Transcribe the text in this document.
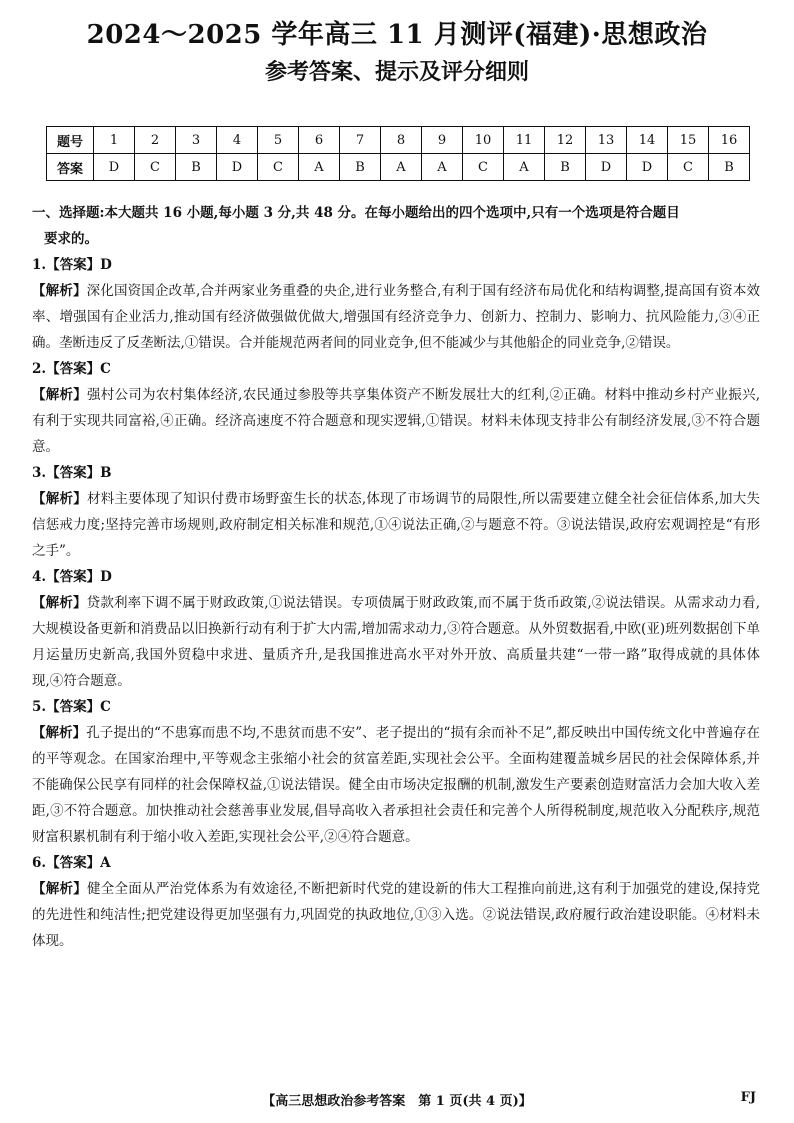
2024～2025 学年高三 11 月测评(福建)·思想政治
参考答案、提示及评分细则
题号	1	2	3	4	5	6	7	8	9	10	11	12	13	14	15	16
答案	D	C	B	D	C	A	B	A	A	C	A	B	D	D	C	B

一、选择题:本大题共 16 小题,每小题 3 分,共 48 分。在每小题给出的四个选项中,只有一个选项是符合题目

要求的。

1.【答案】D

【解析】深化国资国企改革,合并两家业务重叠的央企,进行业务整合,有利于国有经济布局优化和结构调整,提高国有资本效率、增强国有企业活力,推动国有经济做强做优做大,增强国有经济竞争力、创新力、控制力、影响力、抗风险能力,③④正确。垄断违反了反垄断法,①错误。合并能规范两者间的同业竞争,但不能减少与其他船企的同业竞争,②错误。

2.【答案】C

【解析】强村公司为农村集体经济,农民通过参股等共享集体资产不断发展壮大的红利,②正确。材料中推动乡村产业振兴,有利于实现共同富裕,④正确。经济高速度不符合题意和现实逻辑,①错误。材料未体现支持非公有制经济发展,③不符合题意。

3.【答案】B

【解析】材料主要体现了知识付费市场野蛮生长的状态,体现了市场调节的局限性,所以需要建立健全社会征信体系,加大失信惩戒力度;坚持完善市场规则,政府制定相关标准和规范,①④说法正确,②与题意不符。③说法错误,政府宏观调控是“有形之手”。

4.【答案】D

【解析】贷款利率下调不属于财政政策,①说法错误。专项债属于财政政策,而不属于货币政策,②说法错误。从需求动力看,大规模设备更新和消费品以旧换新行动有利于扩大内需,增加需求动力,③符合题意。从外贸数据看,中欧(亚)班列数据创下单月运量历史新高,我国外贸稳中求进、量质齐升,是我国推进高水平对外开放、高质量共建“一带一路”取得成就的具体体现,④符合题意。

5.【答案】C

【解析】孔子提出的“不患寡而患不均,不患贫而患不安”、老子提出的“损有余而补不足”,都反映出中国传统文化中普遍存在的平等观念。在国家治理中,平等观念主张缩小社会的贫富差距,实现社会公平。全面构建覆盖城乡居民的社会保障体系,并不能确保公民享有同样的社会保障权益,①说法错误。健全由市场决定报酬的机制,激发生产要素创造财富活力会加大收入差距,③不符合题意。加快推动社会慈善事业发展,倡导高收入者承担社会责任和完善个人所得税制度,规范收入分配秩序,规范财富积累机制有利于缩小收入差距,实现社会公平,②④符合题意。

6.【答案】A

【解析】健全全面从严治党体系为有效途径,不断把新时代党的建设新的伟大工程推向前进,这有利于加强党的建设,保持党的先进性和纯洁性;把党建设得更加坚强有力,巩固党的执政地位,①③入选。②说法错误,政府履行政治建设职能。④材料未体现。

【高三思想政治参考答案　第 1 页(共 4 页)】	FJ
